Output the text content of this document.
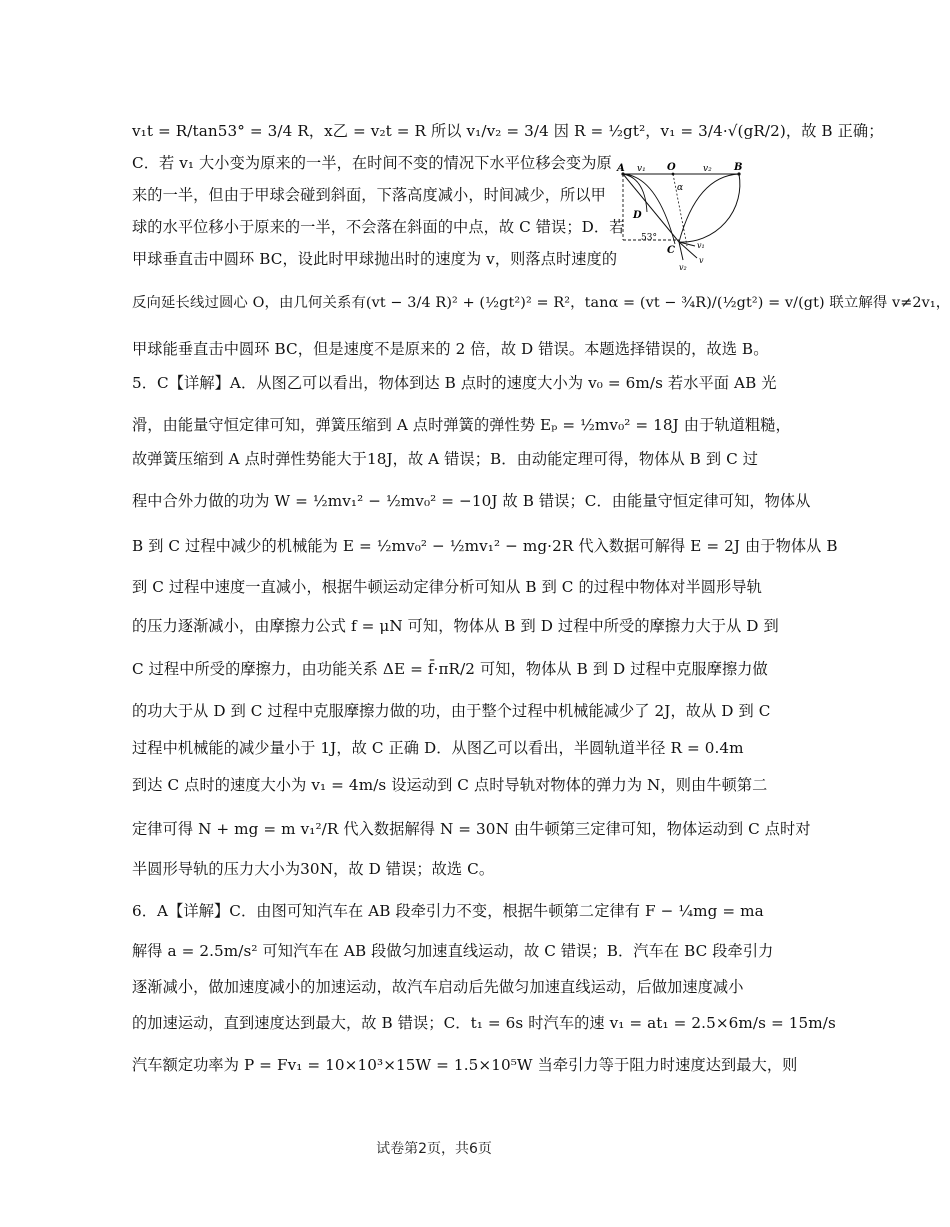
v₁t = R/tan53° = 3/4 R，x乙 = v₂t = R 所以 v₁/v₂ = 3/4 因 R = ½gt²，v₁ = 3/4·√(gR/2)，故 B 正确；
C．若 v₁ 大小变为原来的一半，在时间不变的情况下水平位移会变为原
来的一半，但由于甲球会碰到斜面，下落高度减小，时间减少，所以甲
球的水平位移小于原来的一半，不会落在斜面的中点，故 C 错误；D．若
甲球垂直击中圆环 BC，设此时甲球抛出时的速度为 v，则落点时速度的
反向延长线过圆心 O，由几何关系有(vt − 3/4 R)² + (½gt²)² = R²，tanα = (vt − ¾R)/(½gt²) = v/(gt) 联立解得 v≠2v₁，
甲球能垂直击中圆环 BC，但是速度不是原来的 2 倍，故 D 错误。本题选择错误的，故选 B。
5．C【详解】A．从图乙可以看出，物体到达 B 点时的速度大小为 v₀ = 6m/s 若水平面 AB 光
滑，由能量守恒定律可知，弹簧压缩到 A 点时弹簧的弹性势 Eₚ = ½mv₀² = 18J 由于轨道粗糙，
故弹簧压缩到 A 点时弹性势能大于18J，故 A 错误；B．由动能定理可得，物体从 B 到 C 过
程中合外力做的功为 W = ½mv₁² − ½mv₀² = −10J 故 B 错误；C．由能量守恒定律可知，物体从
B 到 C 过程中减少的机械能为 E = ½mv₀² − ½mv₁² − mg·2R 代入数据可解得 E = 2J 由于物体从 B
到 C 过程中速度一直减小，根据牛顿运动定律分析可知从 B 到 C 的过程中物体对半圆形导轨
的压力逐渐减小，由摩擦力公式 f = μN 可知，物体从 B 到 D 过程中所受的摩擦力大于从 D 到
C 过程中所受的摩擦力，由功能关系 ΔE = f̄·πR/2 可知，物体从 B 到 D 过程中克服摩擦力做
的功大于从 D 到 C 过程中克服摩擦力做的功，由于整个过程中机械能减少了 2J，故从 D 到 C
过程中机械能的减少量小于 1J，故 C 正确 D．从图乙可以看出，半圆轨道半径 R = 0.4m
到达 C 点时的速度大小为 v₁ = 4m/s 设运动到 C 点时导轨对物体的弹力为 N，则由牛顿第二
定律可得 N + mg = m v₁²/R 代入数据解得 N = 30N 由牛顿第三定律可知，物体运动到 C 点时对
半圆形导轨的压力大小为30N，故 D 错误；故选 C。
6．A【详解】C．由图可知汽车在 AB 段牵引力不变，根据牛顿第二定律有 F − ¼mg = ma
解得 a = 2.5m/s² 可知汽车在 AB 段做匀加速直线运动，故 C 错误；B．汽车在 BC 段牵引力
逐渐减小，做加速度减小的加速运动，故汽车启动后先做匀加速直线运动，后做加速度减小
的加速运动，直到速度达到最大，故 B 错误；C．t₁ = 6s 时汽车的速 v₁ = at₁ = 2.5×6m/s = 15m/s
汽车额定功率为 P = Fv₁ = 10×10³×15W = 1.5×10⁵W 当牵引力等于阻力时速度达到最大，则
A v₁ O	v₂ B
α
D
53°
C	v₁
v
v₂
试卷第2页，共6页
